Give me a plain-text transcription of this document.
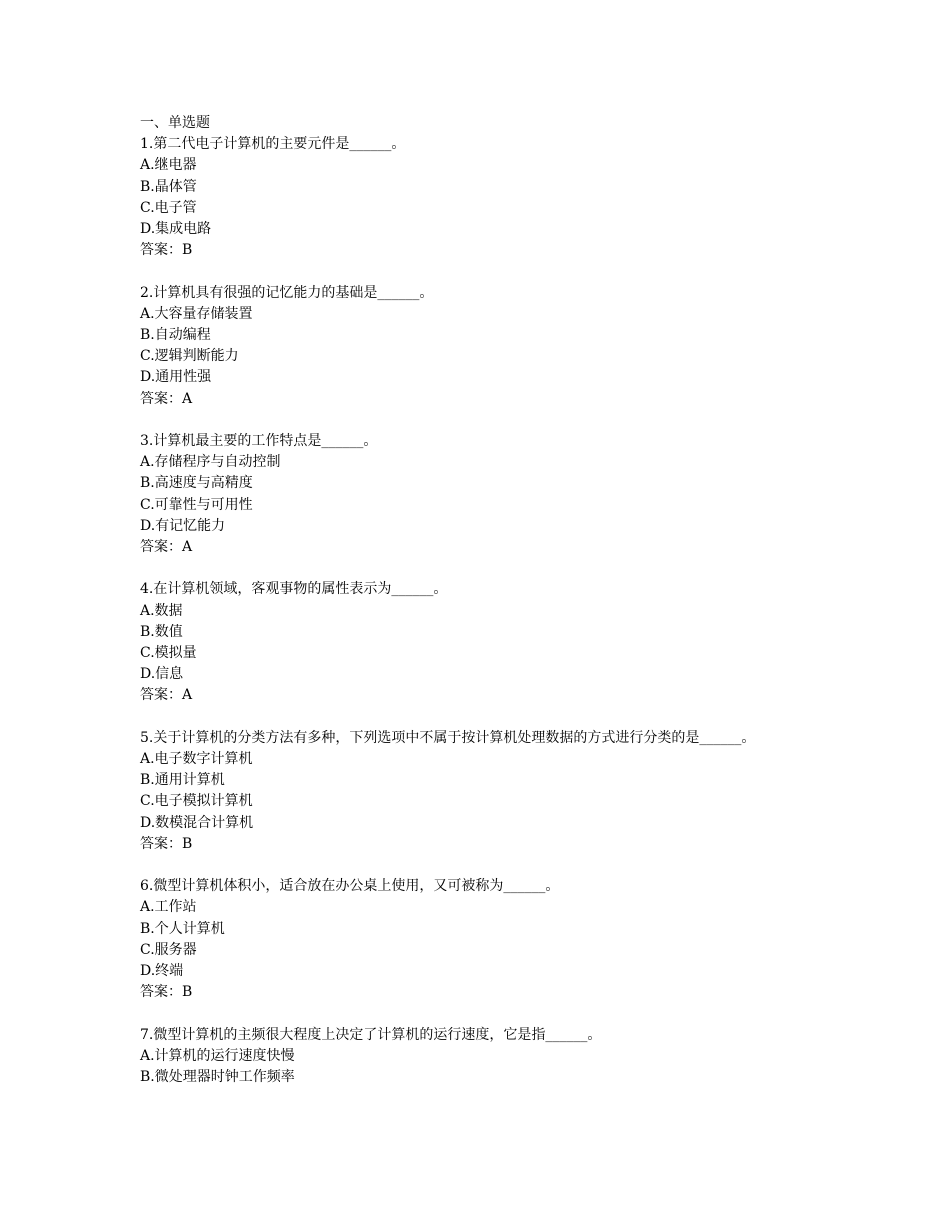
一、单选题
1.第二代电子计算机的主要元件是______。
A.继电器
B.晶体管
C.电子管
D.集成电路
答案：B
2.计算机具有很强的记忆能力的基础是______。
A.大容量存储装置
B.自动编程
C.逻辑判断能力
D.通用性强
答案：A
3.计算机最主要的工作特点是______。
A.存储程序与自动控制
B.高速度与高精度
C.可靠性与可用性
D.有记忆能力
答案：A
4.在计算机领域，客观事物的属性表示为______。
A.数据
B.数值
C.模拟量
D.信息
答案：A
5.关于计算机的分类方法有多种，下列选项中不属于按计算机处理数据的方式进行分类的是______。
A.电子数字计算机
B.通用计算机
C.电子模拟计算机
D.数模混合计算机
答案：B
6.微型计算机体积小，适合放在办公桌上使用，又可被称为______。
A.工作站
B.个人计算机
C.服务器
D.终端
答案：B
7.微型计算机的主频很大程度上决定了计算机的运行速度，它是指______。
A.计算机的运行速度快慢
B.微处理器时钟工作频率
